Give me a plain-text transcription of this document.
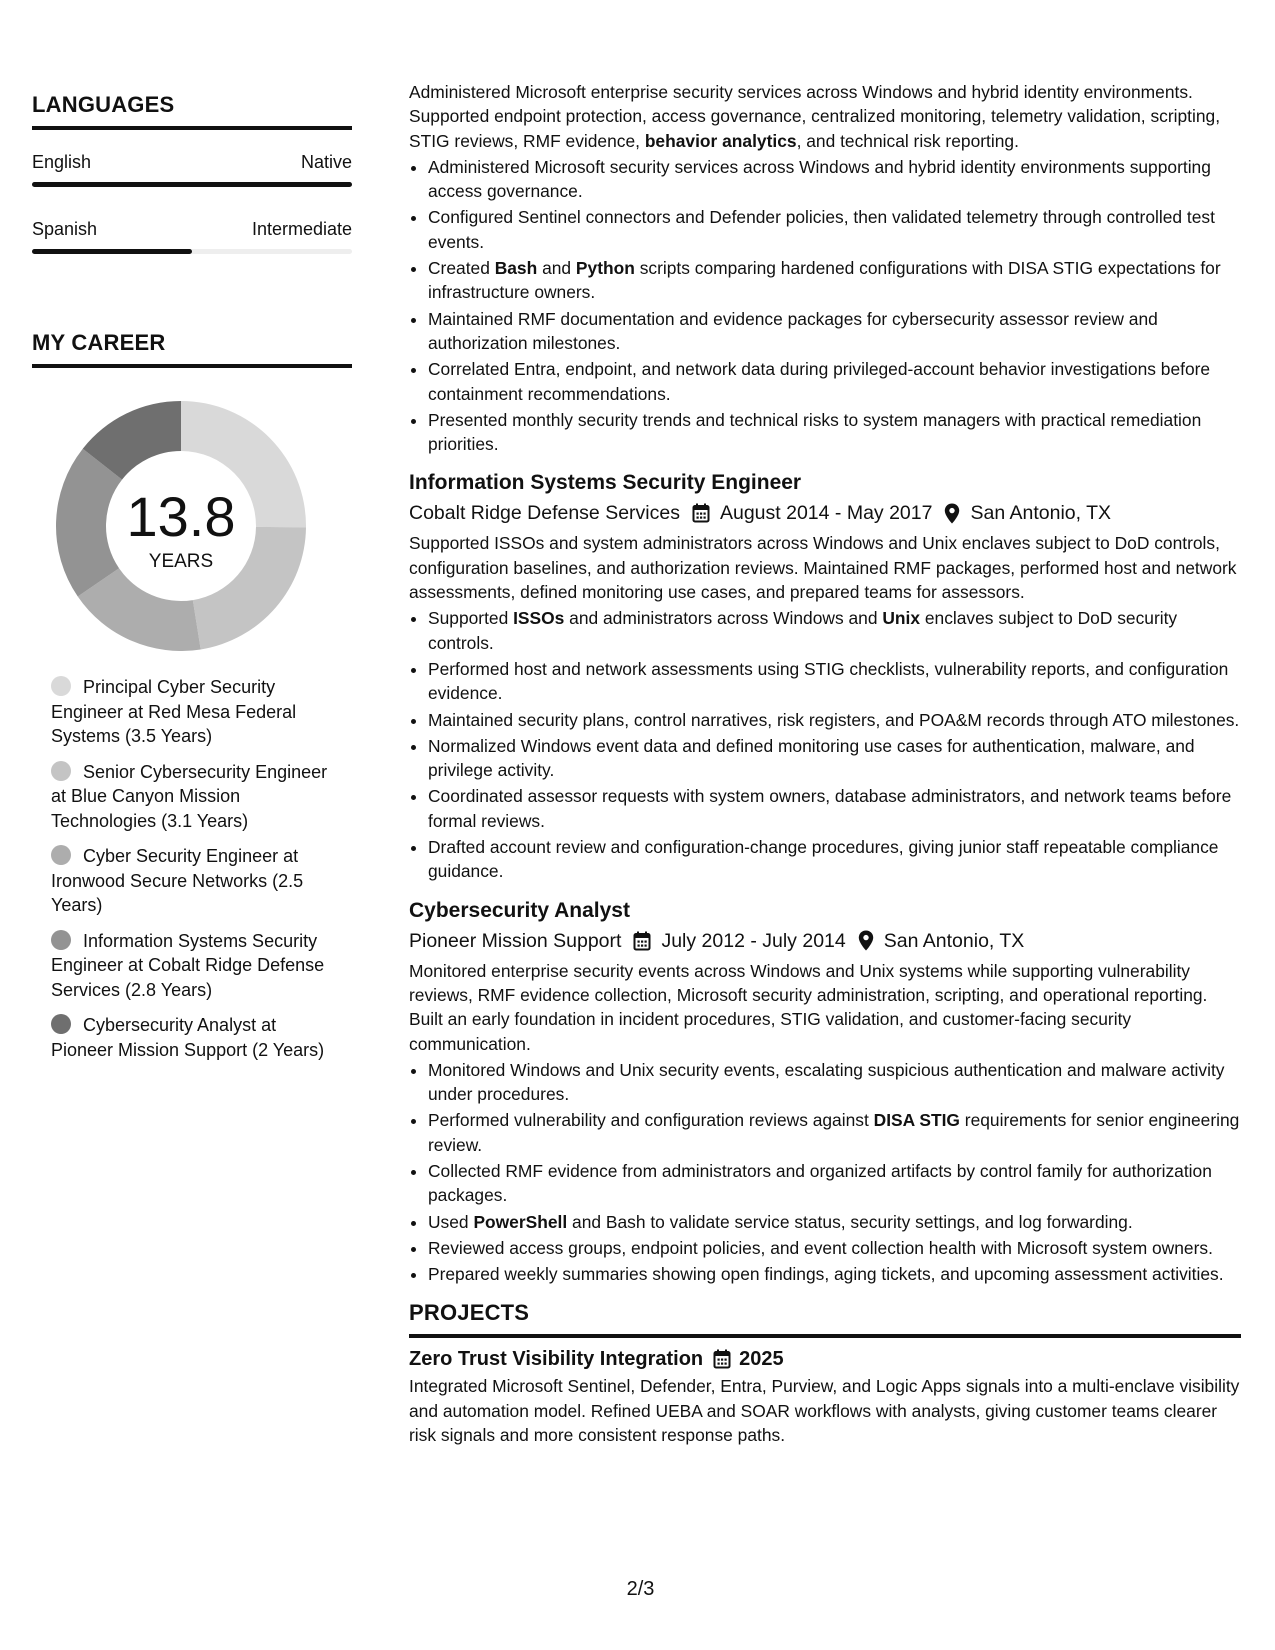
LANGUAGES
English	Native
Spanish	Intermediate
MY CAREER
13.8
YEARS
Principal Cyber Security Engineer at Red Mesa Federal Systems (3.5 Years)
Senior Cybersecurity Engineer at Blue Canyon Mission Technologies (3.1 Years)
Cyber Security Engineer at Ironwood Secure Networks (2.5 Years)
Information Systems Security Engineer at Cobalt Ridge Defense Services (2.8 Years)
Cybersecurity Analyst at Pioneer Mission Support (2 Years)

Administered Microsoft enterprise security services across Windows and hybrid identity environments. Supported endpoint protection, access governance, centralized monitoring, telemetry validation, scripting, STIG reviews, RMF evidence, behavior analytics, and technical risk reporting.

• Administered Microsoft security services across Windows and hybrid identity environments supporting access governance.
• Configured Sentinel connectors and Defender policies, then validated telemetry through controlled test events.
• Created Bash and Python scripts comparing hardened configurations with DISA STIG expectations for infrastructure owners.
• Maintained RMF documentation and evidence packages for cybersecurity assessor review and authorization milestones.
• Correlated Entra, endpoint, and network data during privileged-account behavior investigations before containment recommendations.
• Presented monthly security trends and technical risks to system managers with practical remediation priorities.
Information Systems Security Engineer
Cobalt Ridge Defense Services August 2014 - May 2017 San Antonio, TX

Supported ISSOs and system administrators across Windows and Unix enclaves subject to DoD controls, configuration baselines, and authorization reviews. Maintained RMF packages, performed host and network assessments, defined monitoring use cases, and prepared teams for assessors.

• Supported ISSOs and administrators across Windows and Unix enclaves subject to DoD security controls.
• Performed host and network assessments using STIG checklists, vulnerability reports, and configuration evidence.
• Maintained security plans, control narratives, risk registers, and POA&M records through ATO milestones.
• Normalized Windows event data and defined monitoring use cases for authentication, malware, and privilege activity.
• Coordinated assessor requests with system owners, database administrators, and network teams before formal reviews.
• Drafted account review and configuration-change procedures, giving junior staff repeatable compliance guidance.
Cybersecurity Analyst
Pioneer Mission Support July 2012 - July 2014 San Antonio, TX

Monitored enterprise security events across Windows and Unix systems while supporting vulnerability reviews, RMF evidence collection, Microsoft security administration, scripting, and operational reporting. Built an early foundation in incident procedures, STIG validation, and customer-facing security communication.

• Monitored Windows and Unix security events, escalating suspicious authentication and malware activity under procedures.
• Performed vulnerability and configuration reviews against DISA STIG requirements for senior engineering review.
• Collected RMF evidence from administrators and organized artifacts by control family for authorization packages.
• Used PowerShell and Bash to validate service status, security settings, and log forwarding.
• Reviewed access groups, endpoint policies, and event collection health with Microsoft system owners.
• Prepared weekly summaries showing open findings, aging tickets, and upcoming assessment activities.
PROJECTS
Zero Trust Visibility Integration 2025

Integrated Microsoft Sentinel, Defender, Entra, Purview, and Logic Apps signals into a multi-enclave visibility and automation model. Refined UEBA and SOAR workflows with analysts, giving customer teams clearer risk signals and more consistent response paths.

2/3
